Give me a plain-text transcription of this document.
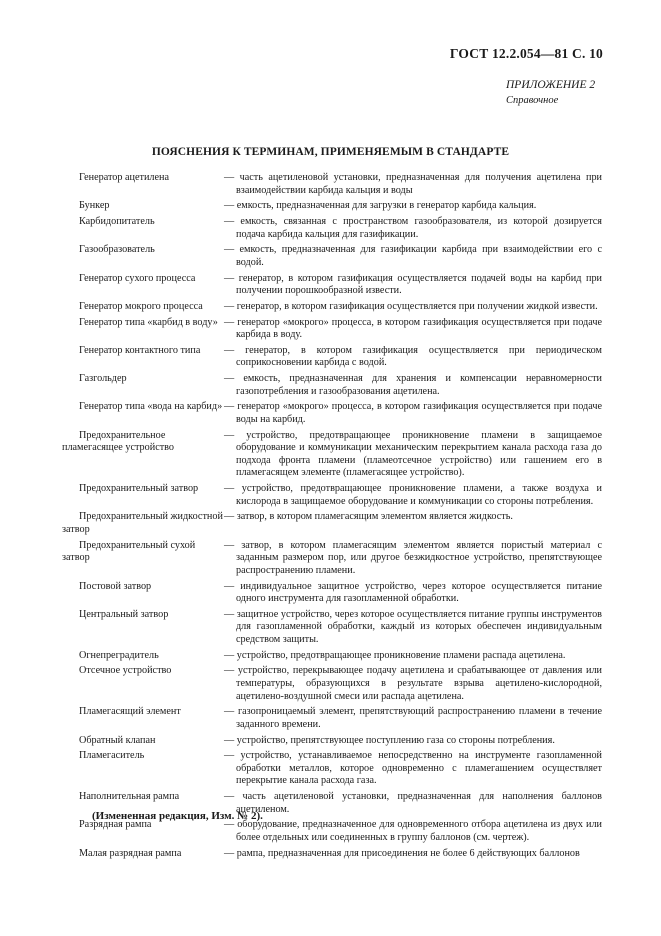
ГОСТ 12.2.054—81 С. 10
ПРИЛОЖЕНИЕ 2
Справочное
ПОЯСНЕНИЯ К ТЕРМИНАМ, ПРИМЕНЯЕМЫМ В СТАНДАРТЕ
Генератор ацетилена	— часть ацетиленовой установки, предназначенная для получения ацетилена при взаимодействии карбида кальция и воды
Бункер	— емкость, предназначенная для загрузки в генератор карбида кальция.
Карбидопитатель	— емкость, связанная с пространством газообразователя, из которой дозируется подача карбида кальция для газификации.
Газообразователь	— емкость, предназначенная для газификации карбида при взаимодействии его с водой.
Генератор сухого процесса	— генератор, в котором газификация осуществляется подачей воды на карбид при получении порошкообразной извести.
Генератор мокрого процесса	— генератор, в котором газификация осуществляется при получении жидкой извести.
Генератор типа «карбид в воду» — генератор «мокрого» процесса, в котором газификация осуществляется при подаче карбида в воду.
Генератор контактного типа	— генератор, в котором газификация осуществляется при периодическом соприкосновении карбида с водой.
Газгольдер	— емкость, предназначенная для хранения и компенсации неравномерности газопотребления и газообразования ацетилена.
Генератор типа «вода на карбид» — генератор «мокрого» процесса, в котором газификация осуществляется при подаче воды на карбид.
Предохранительное пламегасящее устройство
— устройство, предотвращающее проникновение пламени в защищаемое оборудование и коммуникации механическим перекрытием канала расхода газа до подхода фронта пламени (пламеотсечное устройство) или гашением его в пламегасящем элементе (пламегасящее устройство).
Предохранительный затвор	— устройство, предотвращающее проникновение пламени, а также воздуха и кислорода в защищаемое оборудование и коммуникации со стороны потребления.
Предохранительный жидкостной затвор
— затвор, в котором пламегасящим элементом является жидкость.
Предохранительный сухой затвор
— затвор, в котором пламегасящим элементом является пористый материал с заданным размером пор, или другое безжидкостное устройство, препятствующее распространению пламени.
Постовой затвор	— индивидуальное защитное устройство, через которое осуществляется питание одного инструмента для газопламенной обработки.
Центральный затвор	— защитное устройство, через которое осуществляется питание группы инструментов для газопламенной обработки, каждый из которых обеспечен индивидуальным средством защиты.
Огнепреградитель	— устройство, предотвращающее проникновение пламени распада ацетилена.
Отсечное устройство	— устройство, перекрывающее подачу ацетилена и срабатывающее от давления или температуры, образующихся в результате взрыва ацетилено-кислородной, ацетилено-воздушной смеси или распада ацетилена.
Пламегасящий элемент	— газопроницаемый элемент, препятствующий распространению пламени в течение заданного времени.
Обратный клапан	— устройство, препятствующее поступлению газа со стороны потребления.
Пламегаситель	— устройство, устанавливаемое непосредственно на инструменте газопламенной обработки металлов, которое одновременно с пламегашением осуществляет перекрытие канала расхода газа.
Наполнительная рампа	— часть ацетиленовой установки, предназначенная для наполнения баллонов ацетиленом.
Разрядная рампа	— оборудование, предназначенное для одновременного отбора ацетилена из двух или более отдельных или соединенных в группу баллонов (см. чертеж).
Малая разрядная рампа	— рампа, предназначенная для присоединения не более 6 действующих баллонов
(Измененная редакция, Изм. № 2).
